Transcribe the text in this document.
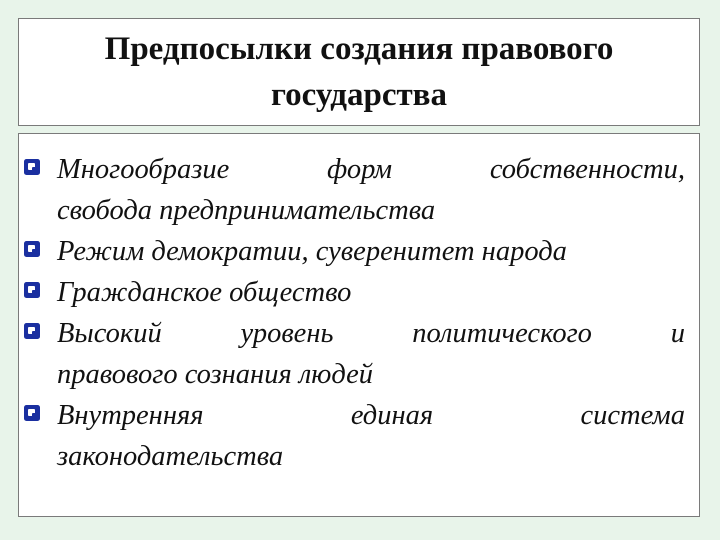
Предпосылки создания правового государства
Многообразие форм собственности,
свобода предпринимательства
Режим демократии, суверенитет народа
Гражданское общество
Высокий уровень политического и
правового сознания людей
Внутренняя единая система
законодательства
